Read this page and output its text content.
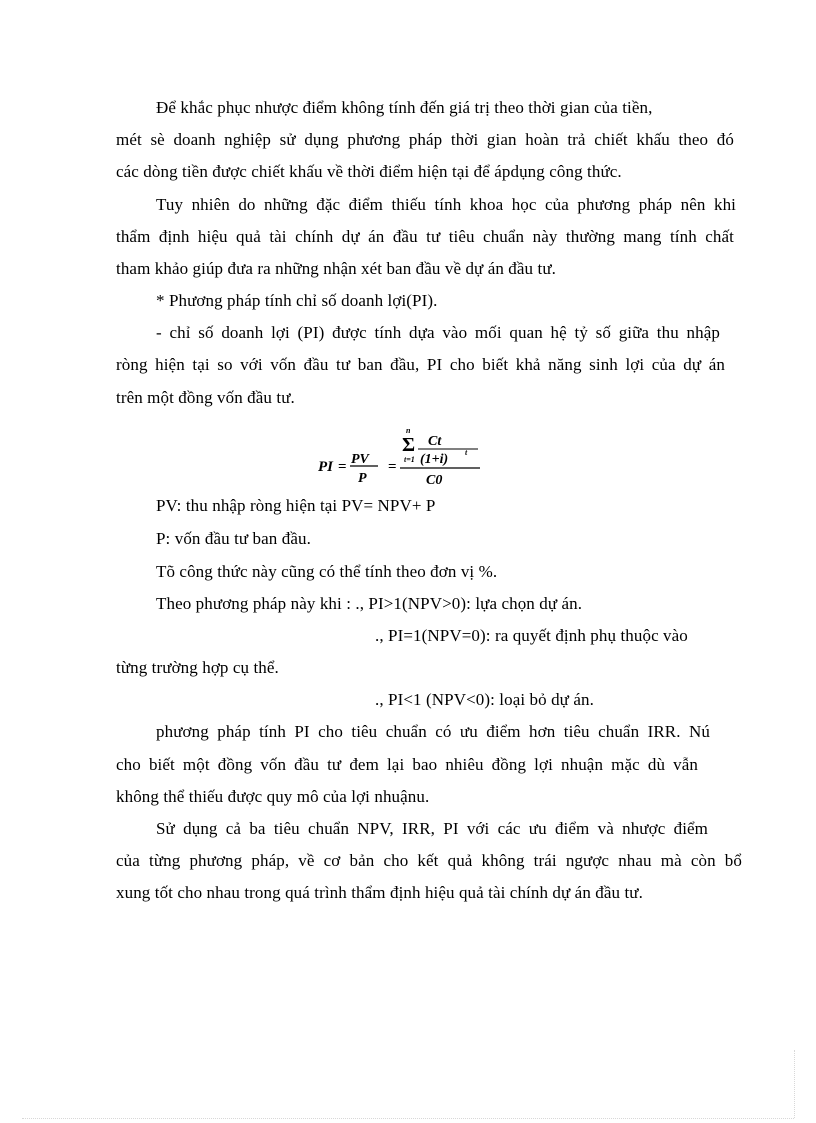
Để khắc phục nhược điểm không tính đến giá trị theo thời gian của tiền,
mét sè doanh nghiệp sử dụng phương pháp thời gian hoàn trả chiết khấu theo đó
các dòng tiền được chiết khấu về thời điểm hiện tại để ápdụng công thức.
Tuy nhiên do những đặc điểm thiếu tính khoa học của phương pháp nên khi
thẩm định hiệu quả tài chính dự án đầu tư tiêu chuẩn này thường mang tính chất
tham khảo giúp đưa ra những nhận xét ban đầu về dự án đầu tư.
* Phương pháp tính chỉ số doanh lợi(PI).
- chỉ số doanh lợi (PI) được tính dựa vào mối quan hệ tỷ số giữa thu nhập
ròng hiện tại so với vốn đầu tư ban đầu, PI cho biết khả năng sinh lợi của dự án
trên một đồng vốn đầu tư.
PI = PV
P
=
n
Σ Ct
t=1 (1+i) t
C0
PV: thu nhập ròng hiện tại PV= NPV+ P
P: vốn đầu tư ban đầu.
Tõ công thức này cũng có thể tính theo đơn vị %.
Theo phương pháp này khi : ., PI>1(NPV>0): lựa chọn dự án.
., PI=1(NPV=0): ra quyết định phụ thuộc vào
từng trường hợp cụ thể.
., PI<1 (NPV<0): loại bỏ dự án.
phương pháp tính PI cho tiêu chuẩn có ưu điểm hơn tiêu chuẩn IRR. Nú
cho biết một đồng vốn đầu tư đem lại bao nhiêu đồng lợi nhuận mặc dù vẫn
không thể thiếu được quy mô của lợi nhuậnu.
Sử dụng cả ba tiêu chuẩn NPV, IRR, PI với các ưu điểm và nhược điểm
của từng phương pháp, về cơ bản cho kết quả không trái ngược nhau mà còn bổ
xung tốt cho nhau trong quá trình thẩm định hiệu quả tài chính dự án đầu tư.
